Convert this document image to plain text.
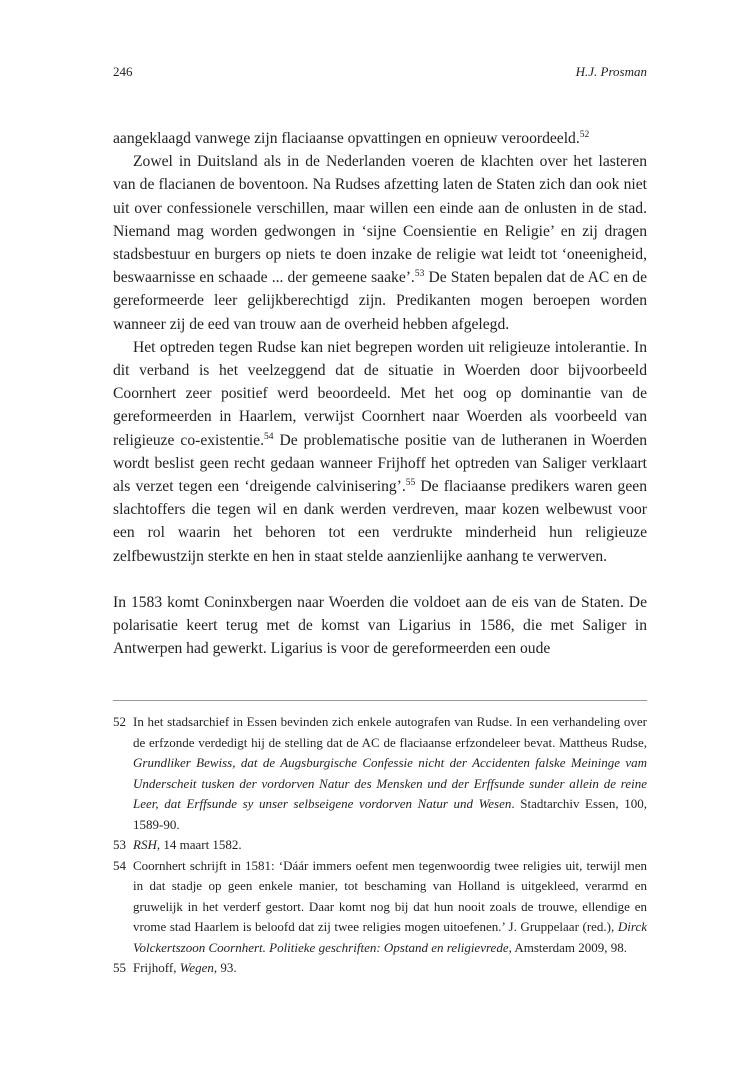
246	H.J. Prosman

aangeklaagd vanwege zijn flaciaanse opvattingen en opnieuw veroordeeld.$^{52}$

Zowel in Duitsland als in de Nederlanden voeren de klachten over het lasteren van de flacianen de boventoon. Na Rudses afzetting laten de Staten zich dan ook niet uit over confessionele verschillen, maar willen een einde aan de onlusten in de stad. Niemand mag worden gedwongen in ‘sijne Coensientie en Religie’ en zij dragen stadsbestuur en burgers op niets te doen inzake de religie wat leidt tot ‘oneenigheid, beswaarnisse en schaade ... der gemeene saake’.$^{53}$ De Staten bepalen dat de AC en de gereformeerde leer gelijkberechtigd zijn. Predikanten mogen beroepen worden wanneer zij de eed van trouw aan de overheid hebben afgelegd.

Het optreden tegen Rudse kan niet begrepen worden uit religieuze intolerantie. In dit verband is het veelzeggend dat de situatie in Woerden door bijvoorbeeld Coornhert zeer positief werd beoordeeld. Met het oog op dominantie van de gereformeerden in Haarlem, verwijst Coornhert naar Woerden als voorbeeld van religieuze co-existentie.$^{54}$ De problematische positie van de lutheranen in Woerden wordt beslist geen recht gedaan wanneer Frijhoff het optreden van Saliger verklaart als verzet tegen een ‘dreigende calvinisering’.$^{55}$ De flaciaanse predikers waren geen slachtoffers die tegen wil en dank werden verdreven, maar kozen welbewust voor een rol waarin het behoren tot een verdrukte minderheid hun religieuze zelfbewustzijn sterkte en hen in staat stelde aanzienlijke aanhang te verwerven.

In 1583 komt Coninxbergen naar Woerden die voldoet aan de eis van de Staten. De polarisatie keert terug met de komst van Ligarius in 1586, die met Saliger in Antwerpen had gewerkt. Ligarius is voor de gereformeerden een oude

52 In het stadsarchief in Essen bevinden zich enkele autografen van Rudse. In een verhandeling over de erfzonde verdedigt hij de stelling dat de AC de flaciaanse erfzondeleer bevat. Mattheus Rudse, Grundliker Bewiss, dat de Augsburgische Confessie nicht der Accidenten falske Meininge vam Underscheit tusken der vordorven Natur des Mensken und der Erffsunde sunder allein de reine Leer, dat Erffsunde sy unser selbseigene vordorven Natur und Wesen. Stadtarchiv Essen, 100, 1589-90.
53 RSH, 14 maart 1582.
54 Coornhert schrijft in 1581: ‘Dáár immers oefent men tegenwoordig twee religies uit, terwijl men in dat stadje op geen enkele manier, tot beschaming van Holland is uitgekleed, verarmd en gruwelijk in het verderf gestort. Daar komt nog bij dat hun nooit zoals de trouwe, ellendige en vrome stad Haarlem is beloofd dat zij twee religies mogen uitoefenen.’ J. Gruppelaar (red.), Dirck Volckertszoon Coornhert. Politieke geschriften: Opstand en religievrede, Amsterdam 2009, 98.
55 Frijhoff, Wegen, 93.
